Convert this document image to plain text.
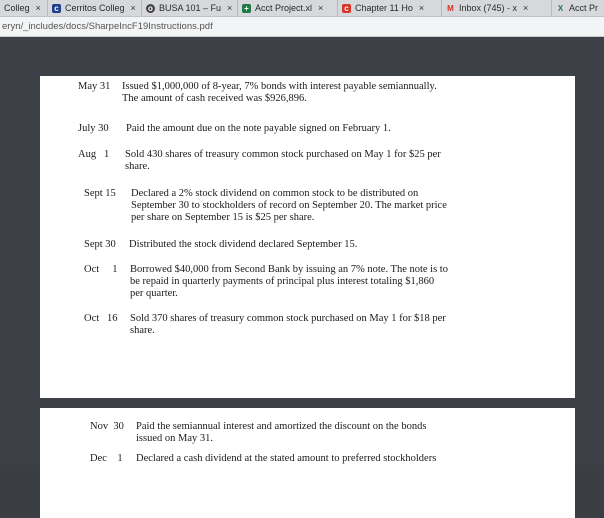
Colleg × c Cerritos Colleg × o BUSA 101 – Fu × + Acct Project.xl ×	c Chapter 11 Ho ×	M Inbox (745) - x ×	X Acct Pr
eryn/_includes/docs/SharpeIncF19Instructions.pdf
May 31	Issued $1,000,000 of 8-year, 7% bonds with interest payable semiannually.
The amount of cash received was $926,896.
July 30	Paid the amount due on the note payable signed on February 1.
Aug   1	Sold 430 shares of treasury common stock purchased on May 1 for $25 per
share.
Sept 15	Declared a 2% stock dividend on common stock to be distributed on
September 30 to stockholders of record on September 20. The market price
per share on September 15 is $25 per share.
Sept 30	Distributed the stock dividend declared September 15.
Oct     1	Borrowed $40,000 from Second Bank by issuing an 7% note. The note is to
be repaid in quarterly payments of principal plus interest totaling $1,860
per quarter.
Oct   16	Sold 370 shares of treasury common stock purchased on May 1 for $18 per
share.
Nov  30	Paid the semiannual interest and amortized the discount on the bonds
issued on May 31.
Dec    1	Declared a cash dividend at the stated amount to preferred stockholders
